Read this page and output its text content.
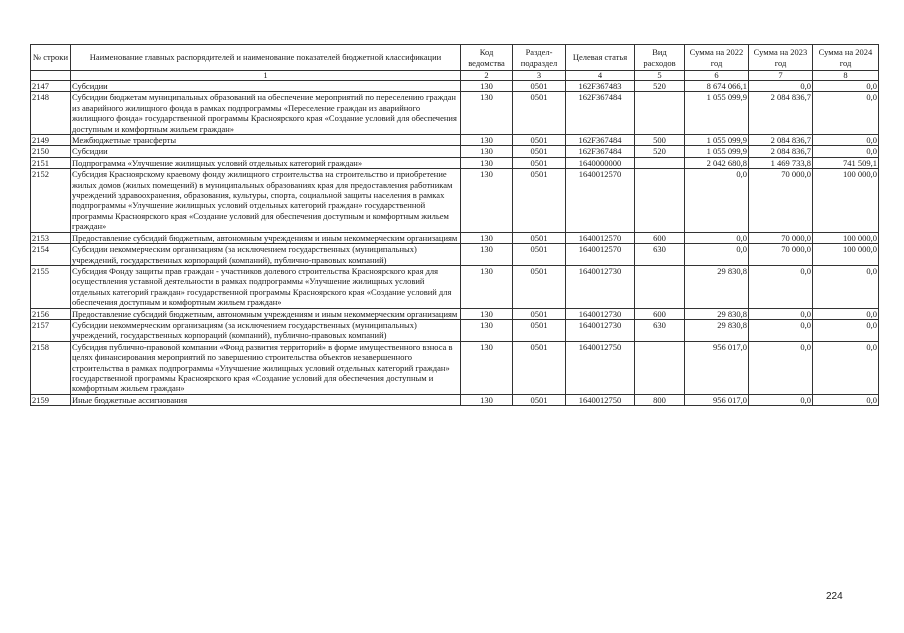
№ строки	Наименование главных распорядителей и наименование показателей бюджетной классификации	Код ведомства	Раздел-подраздел	Целевая статья	Вид расходов	Сумма на 2022 год	Сумма на 2023 год	Сумма на 2024 год
	1	2	3	4	5	6	7	8
2147	Субсидии	130	0501	162F367483	520	8 674 066,1	0,0	0,0
2148	Субсидии бюджетам муниципальных образований на обеспечение мероприятий по переселению граждан из аварийного жилищного фонда в рамках подпрограммы «Переселение граждан из аварийного жилищного фонда» государственной программы Красноярского края «Создание условий для обеспечения доступным и комфортным жильем граждан»	130	0501	162F367484		1 055 099,9	2 084 836,7	0,0
2149	Межбюджетные трансферты	130	0501	162F367484	500	1 055 099,9	2 084 836,7	0,0
2150	Субсидии	130	0501	162F367484	520	1 055 099,9	2 084 836,7	0,0
2151	Подпрограмма «Улучшение жилищных условий отдельных категорий граждан»	130	0501	1640000000		2 042 680,8	1 469 733,8	741 509,1
2152	Субсидия Красноярскому краевому фонду жилищного строительства на строительство и приобретение жилых домов (жилых помещений) в муниципальных образованиях края для предоставления работникам учреждений здравоохранения, образования, культуры, спорта, социальной защиты населения в рамках подпрограммы «Улучшение жилищных условий отдельных категорий граждан» государственной программы Красноярского края «Создание условий для обеспечения доступным и комфортным жильем граждан»	130	0501	1640012570		0,0	70 000,0	100 000,0
2153	Предоставление субсидий бюджетным, автономным учреждениям и иным некоммерческим организациям	130	0501	1640012570	600	0,0	70 000,0	100 000,0
2154	Субсидии некоммерческим организациям (за исключением государственных (муниципальных) учреждений, государственных корпораций (компаний), публично-правовых компаний)	130	0501	1640012570	630	0,0	70 000,0	100 000,0
2155	Субсидия Фонду защиты прав граждан - участников долевого строительства Красноярского края для осуществления уставной деятельности в рамках подпрограммы «Улучшение жилищных условий отдельных категорий граждан» государственной программы Красноярского края «Создание условий для обеспечения доступным и комфортным жильем граждан»	130	0501	1640012730		29 830,8	0,0	0,0
2156	Предоставление субсидий бюджетным, автономным учреждениям и иным некоммерческим организациям	130	0501	1640012730	600	29 830,8	0,0	0,0
2157	Субсидии некоммерческим организациям (за исключением государственных (муниципальных) учреждений, государственных корпораций (компаний), публично-правовых компаний)	130	0501	1640012730	630	29 830,8	0,0	0,0
2158	Субсидия публично-правовой компании «Фонд развития территорий» в форме имущественного взноса в целях финансирования мероприятий по завершению строительства объектов незавершенного строительства в рамках подпрограммы «Улучшение жилищных условий отдельных категорий граждан» государственной программы Красноярского края «Создание условий для обеспечения доступным и комфортным жильем граждан»	130	0501	1640012750		956 017,0	0,0	0,0
2159	Иные бюджетные ассигнования	130	0501	1640012750	800	956 017,0	0,0	0,0
224
